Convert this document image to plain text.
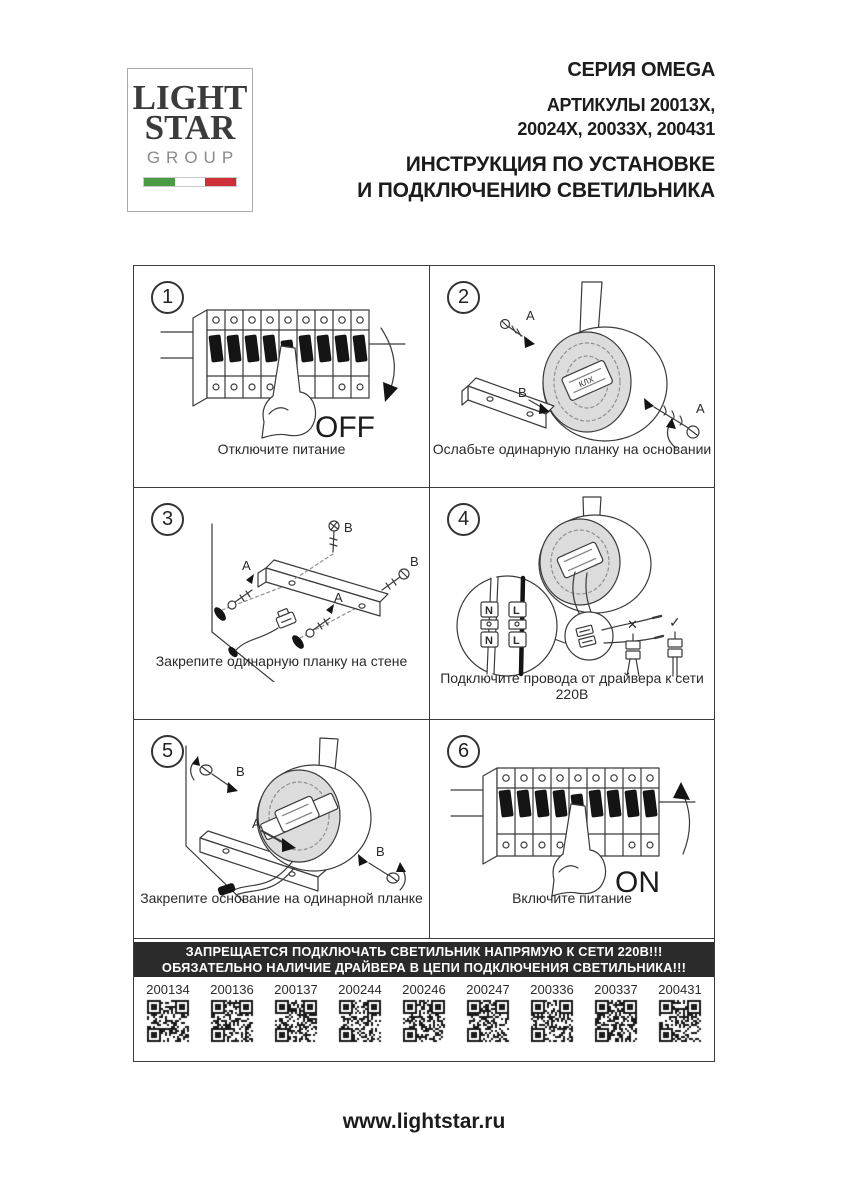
LIGHT
STAR
GROUP
СЕРИЯ OMEGA
АРТИКУЛЫ 20013Х,
20024Х, 20033Х, 200431
ИНСТРУКЦИЯ ПО УСТАНОВКЕ
И ПОДКЛЮЧЕНИЮ СВЕТИЛЬНИКА
1
OFF
Отключите питание
2
A
B
A
КЛХ
Ослабьте одинарную планку на основании
3
A
B
B
A
Закрепите одинарную планку на стене
4
N L
N L
✕ ✓
Подключите провода от драйвера к сети 220В
5
B
A
B
Закрепите основание на одинарной планке
6
ON
Включите питание
ЗАПРЕЩАЕТСЯ ПОДКЛЮЧАТЬ СВЕТИЛЬНИК НАПРЯМУЮ К СЕТИ 220В!!!
ОБЯЗАТЕЛЬНО НАЛИЧИЕ ДРАЙВЕРА В ЦЕПИ ПОДКЛЮЧЕНИЯ СВЕТИЛЬНИКА!!!
200134	200136	200137	200244	200246	200247	200336	200337	200431
www.lightstar.ru
